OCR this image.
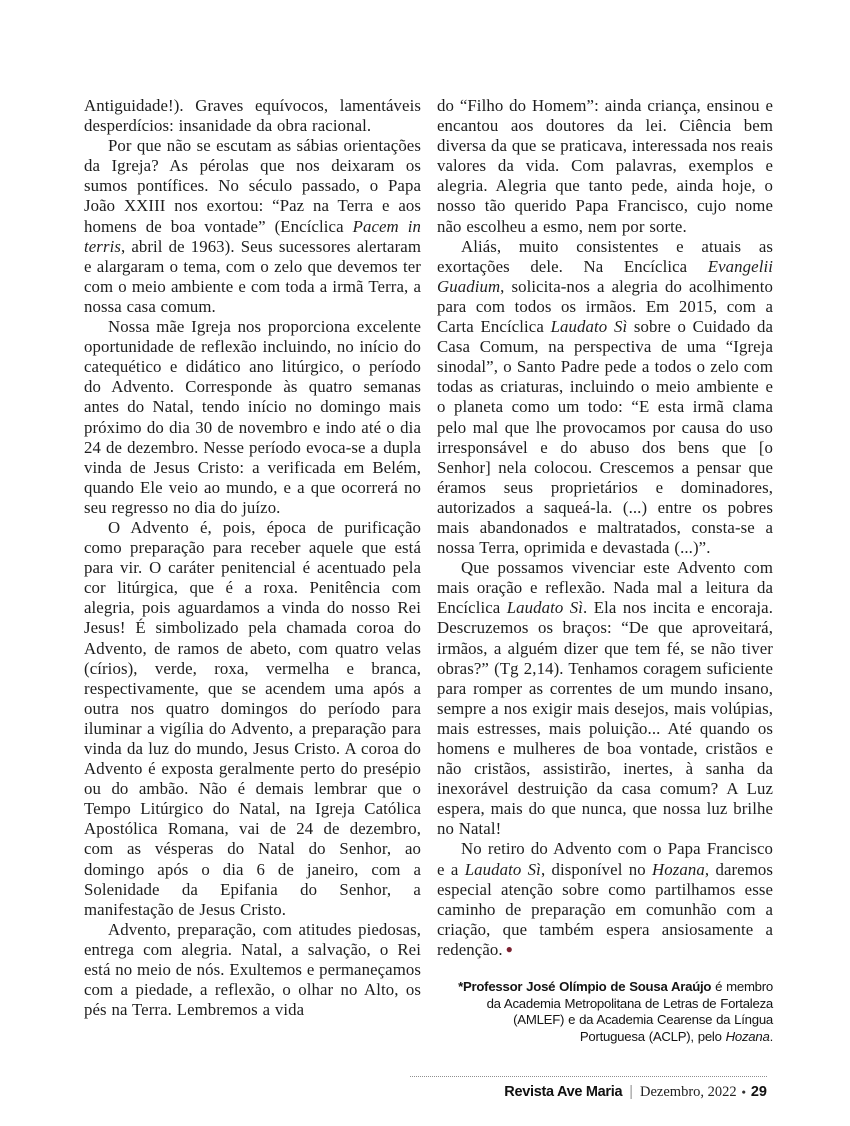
Antiguidade!). Graves equívocos, lamentáveis desperdícios: insanidade da obra racional.

Por que não se escutam as sábias orientações da Igreja? As pérolas que nos deixaram os sumos pontífices. No século passado, o Papa João XXIII nos exortou: “Paz na Terra e aos homens de boa vontade” (Encíclica Pacem in terris, abril de 1963). Seus sucessores alertaram e alargaram o tema, com o zelo que devemos ter com o meio ambiente e com toda a irmã Terra, a nossa casa comum.

Nossa mãe Igreja nos proporciona excelente oportunidade de reflexão incluindo, no início do catequético e didático ano litúrgico, o período do Advento. Corresponde às quatro semanas antes do Natal, tendo início no domingo mais próximo do dia 30 de novembro e indo até o dia 24 de dezembro. Nesse período evoca-se a dupla vinda de Jesus Cristo: a verificada em Belém, quando Ele veio ao mundo, e a que ocorrerá no seu regresso no dia do juízo.

O Advento é, pois, época de purificação como preparação para receber aquele que está para vir. O caráter penitencial é acentuado pela cor litúrgica, que é a roxa. Penitência com alegria, pois aguardamos a vinda do nosso Rei Jesus! É simbolizado pela chamada coroa do Advento, de ramos de abeto, com quatro velas (círios), verde, roxa, vermelha e branca, respectivamente, que se acendem uma após a outra nos quatro domingos do período para iluminar a vigília do Advento, a preparação para vinda da luz do mundo, Jesus Cristo. A coroa do Advento é exposta geralmente perto do presépio ou do ambão. Não é demais lembrar que o Tempo Litúrgico do Natal, na Igreja Católica Apostólica Romana, vai de 24 de dezembro, com as vésperas do Natal do Senhor, ao domingo após o dia 6 de janeiro, com a Solenidade da Epifania do Senhor, a manifestação de Jesus Cristo.

Advento, preparação, com atitudes piedosas, entrega com alegria. Natal, a salvação, o Rei está no meio de nós. Exultemos e permaneçamos com a piedade, a reflexão, o olhar no Alto, os pés na Terra. Lembremos a vida

do “Filho do Homem”: ainda criança, ensinou e encantou aos doutores da lei. Ciência bem diversa da que se praticava, interessada nos reais valores da vida. Com palavras, exemplos e alegria. Alegria que tanto pede, ainda hoje, o nosso tão querido Papa Francisco, cujo nome não escolheu a esmo, nem por sorte.

Aliás, muito consistentes e atuais as exortações dele. Na Encíclica Evangelii Guadium, solicita-nos a alegria do acolhimento para com todos os irmãos. Em 2015, com a Carta Encíclica Laudato Sì sobre o Cuidado da Casa Comum, na perspectiva de uma “Igreja sinodal”, o Santo Padre pede a todos o zelo com todas as criaturas, incluindo o meio ambiente e o planeta como um todo: “E esta irmã clama pelo mal que lhe provocamos por causa do uso irresponsável e do abuso dos bens que [o Senhor] nela colocou. Crescemos a pensar que éramos seus proprietários e dominadores, autorizados a saqueá-la. (...) entre os pobres mais abandonados e maltratados, consta-se a nossa Terra, oprimida e devastada (...)”.

Que possamos vivenciar este Advento com mais oração e reflexão. Nada mal a leitura da Encíclica Laudato Sì. Ela nos incita e encoraja. Descruzemos os braços: “De que aproveitará, irmãos, a alguém dizer que tem fé, se não tiver obras?” (Tg 2,14). Tenhamos coragem suficiente para romper as correntes de um mundo insano, sempre a nos exigir mais desejos, mais volúpias, mais estresses, mais poluição... Até quando os homens e mulheres de boa vontade, cristãos e não cristãos, assistirão, inertes, à sanha da inexorável destruição da casa comum? A Luz espera, mais do que nunca, que nossa luz brilhe no Natal!

No retiro do Advento com o Papa Francisco e a Laudato Sì, disponível no Hozana, daremos especial atenção sobre como partilhamos esse caminho de preparação em comunhão com a criação, que também espera ansiosamente a redenção. ●

*Professor José Olímpio de Sousa Araújo é membro da Academia Metropolitana de Letras de Fortaleza (AMLEF) e da Academia Cearense da Língua Portuguesa (ACLP), pelo Hozana.
Revista Ave Maria | Dezembro, 2022 • 29
